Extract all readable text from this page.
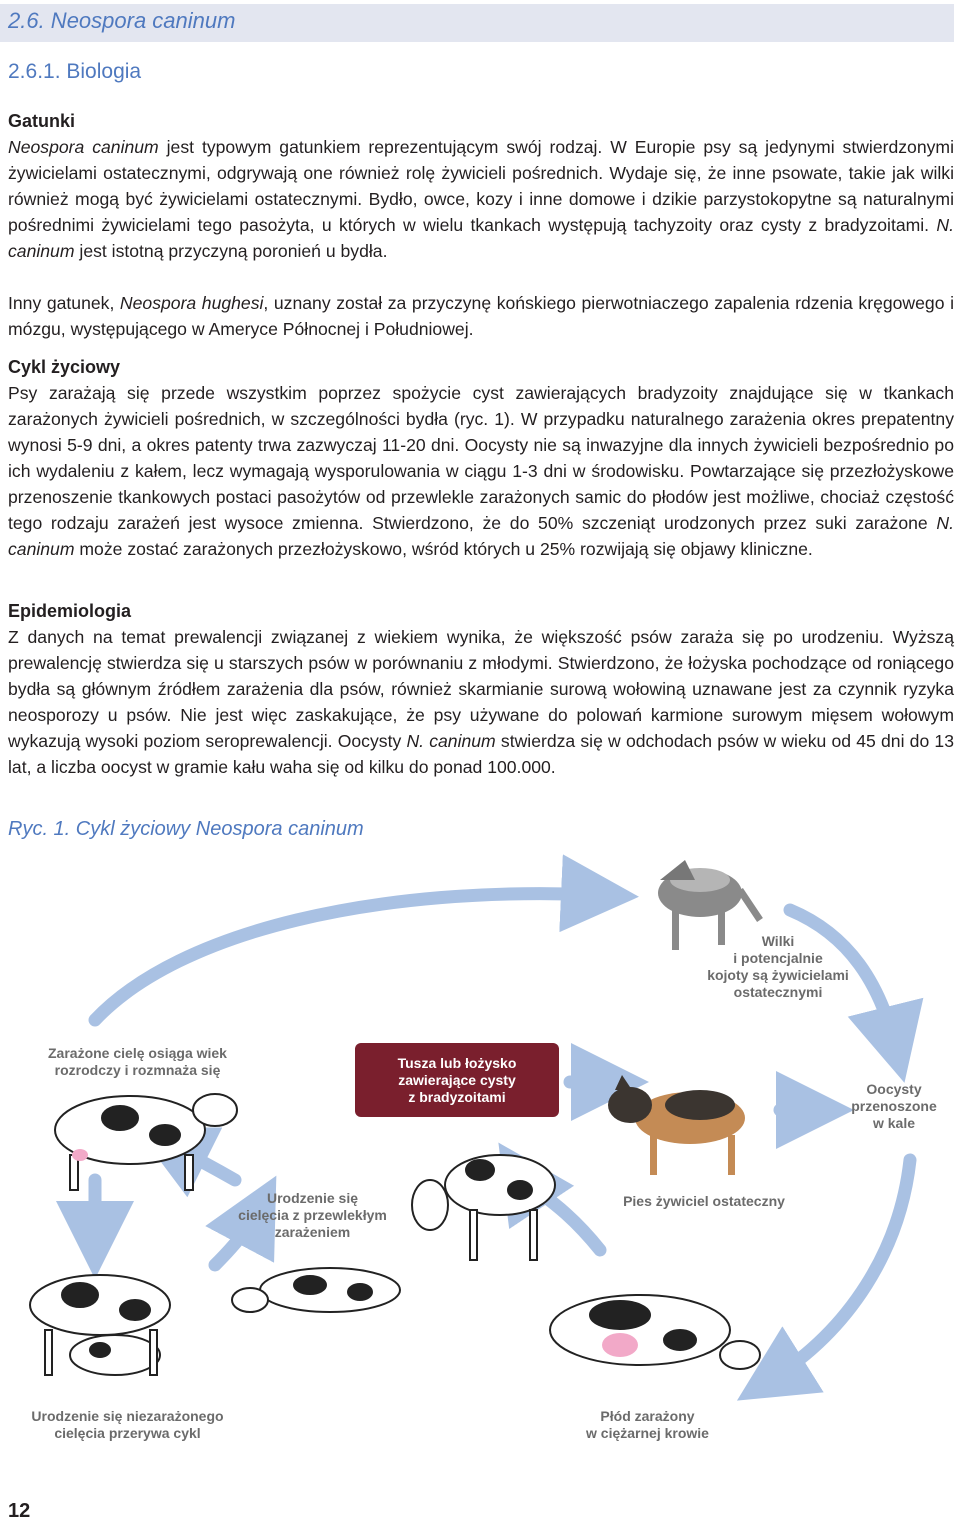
2.6. Neospora caninum
2.6.1. Biologia

Gatunki

Neospora caninum jest typowym gatunkiem reprezentującym swój rodzaj. W Europie psy są jedynymi stwierdzonymi żywicielami ostatecznymi, odgrywają one również rolę żywicieli pośrednich. Wydaje się, że inne psowate, takie jak wilki również mogą być żywicielami ostatecznymi. Bydło, owce, kozy i inne domowe i dzikie parzystokopytne są naturalnymi pośrednimi żywicielami tego pasożyta, u których w wielu tkankach występują tachyzoity oraz cysty z bradyzoitami. N. caninum jest istotną przyczyną poronień u bydła.

Inny gatunek, Neospora hughesi, uznany został za przyczynę końskiego pierwotniaczego zapalenia rdzenia kręgowego i mózgu, występującego w Ameryce Północnej i Południowej.

Cykl życiowy

Psy zarażają się przede wszystkim poprzez spożycie cyst zawierających bradyzoity znajdujące się w tkankach zarażonych żywicieli pośrednich, w szczególności bydła (ryc. 1). W przypadku naturalnego zarażenia okres prepatentny wynosi 5-9 dni, a okres patenty trwa zazwyczaj 11-20 dni. Oocysty nie są inwazyjne dla innych żywicieli bezpośrednio po ich wydaleniu z kałem, lecz wymagają wysporulowania w ciągu 1-3 dni w środowisku. Powtarzające się przezłożyskowe przenoszenie tkankowych postaci pasożytów od przewlekle zarażonych samic do płodów jest możliwe, chociaż częstość tego rodzaju zarażeń jest wysoce zmienna. Stwierdzono, że do 50% szczeniąt urodzonych przez suki zarażone N. caninum może zostać zarażonych przezłożyskowo, wśród których u 25% rozwijają się objawy kliniczne.

Epidemiologia

Z danych na temat prewalencji związanej z wiekiem wynika, że większość psów zaraża się po urodzeniu. Wyższą prewalencję stwierdza się u starszych psów w porównaniu z młodymi. Stwierdzono, że łożyska pochodzące od roniącego bydła są głównym źródłem zarażenia dla psów, również skarmianie surową wołowiną uznawane jest za czynnik ryzyka neosporozy u psów. Nie jest więc zaskakujące, że psy używane do polowań karmione surowym mięsem wołowym wykazują wysoki poziom seroprewalencji. Oocysty N. caninum stwierdza się w odchodach psów w wieku od 45 dni do 13 lat, a liczba oocyst w gramie kału waha się od kilku do ponad 100.000.

Ryc. 1. Cykl życiowy Neospora caninum
Wilki
i potencjalnie
kojoty są żywicielami
ostatecznymi
Zarażone cielę osiąga wiek
rozrodczy i rozmnaża się	Tusza lub łożysko
zawierające cysty
z bradyzoitami	Oocysty
przenoszone
w kale
Urodzenie się
cielęcia z przewlekłym
zarażeniem
Pies żywiciel ostateczny
Urodzenie się niezarażonego
cielęcia przerywa cykl
Płód zarażony
w ciężarnej krowie
12
